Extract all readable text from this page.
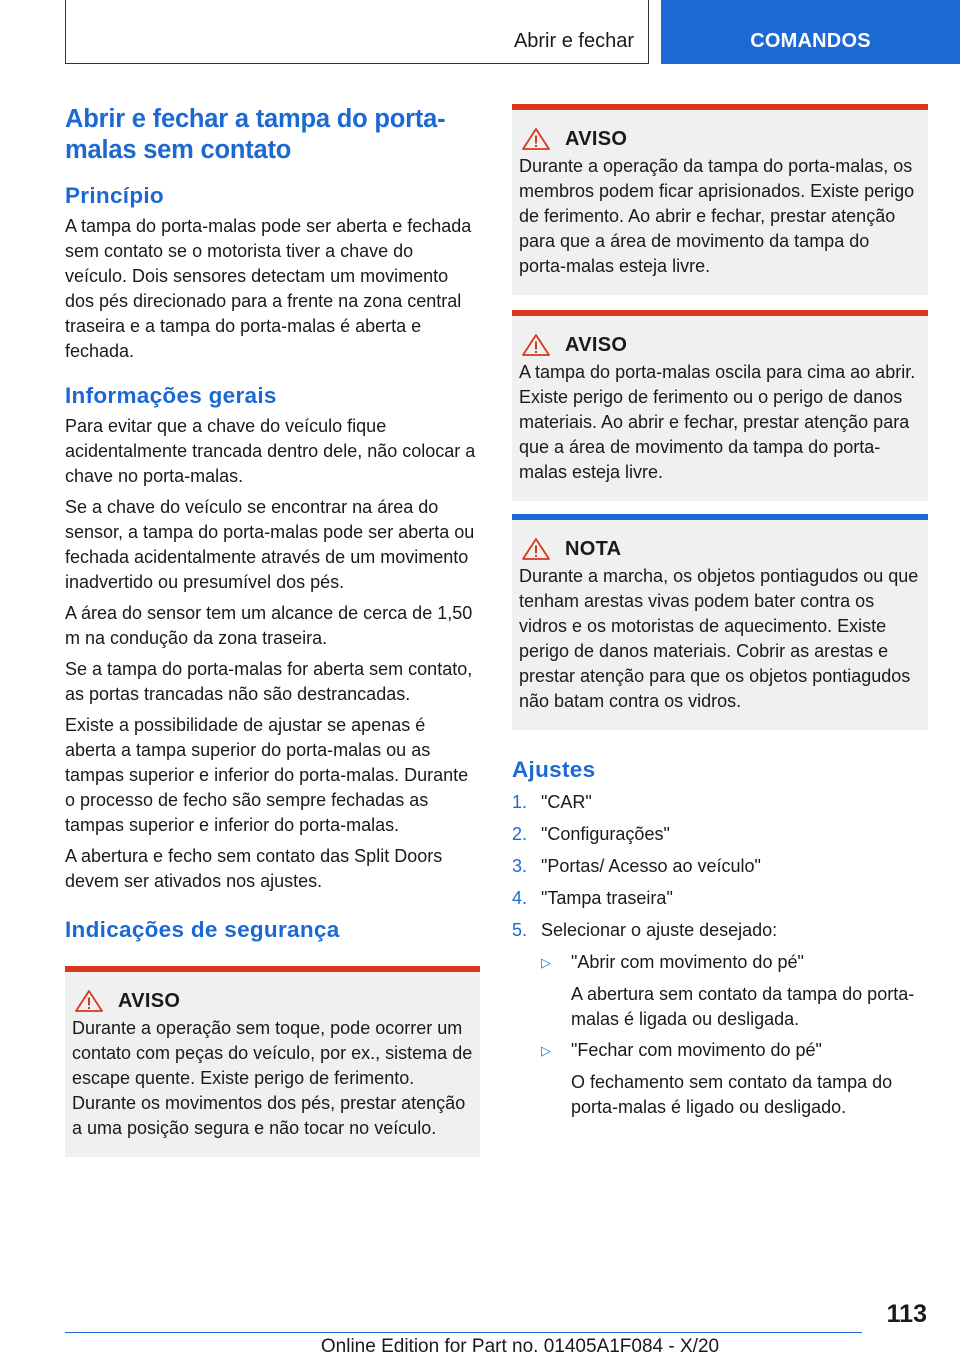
Abrir e fechar	COMANDOS
Abrir e fechar a tampa do porta-malas sem contato
Princípio

A tampa do porta-malas pode ser aberta e fechada sem contato se o motorista tiver a chave do veículo. Dois sensores detectam um movimento dos pés direcionado para a frente na zona central traseira e a tampa do porta-malas é aberta e fechada.

Informações gerais

Para evitar que a chave do veículo fique acidentalmente trancada dentro dele, não colocar a chave no porta-malas.

Se a chave do veículo se encontrar na área do sensor, a tampa do porta-malas pode ser aberta ou fechada acidentalmente através de um movimento inadvertido ou presumível dos pés.

A área do sensor tem um alcance de cerca de 1,50 m na condução da zona traseira.

Se a tampa do porta-malas for aberta sem contato, as portas trancadas não são destrancadas.

Existe a possibilidade de ajustar se apenas é aberta a tampa superior do porta-malas ou as tampas superior e inferior do porta-malas. Durante o processo de fecho são sempre fechadas as tampas superior e inferior do porta-malas.

A abertura e fecho sem contato das Split Doors devem ser ativados nos ajustes.

Indicações de segurança
AVISO

Durante a operação sem toque, pode ocorrer um contato com peças do veículo, por ex., sistema de escape quente. Existe perigo de ferimento. Durante os movimentos dos pés, prestar atenção a uma posição segura e não tocar no veículo.

AVISO

Durante a operação da tampa do porta-malas, os membros podem ficar aprisionados. Existe perigo de ferimento. Ao abrir e fechar, prestar atenção para que a área de movimento da tampa do porta-malas esteja livre.

AVISO

A tampa do porta-malas oscila para cima ao abrir. Existe perigo de ferimento ou o perigo de danos materiais. Ao abrir e fechar, prestar atenção para que a área de movimento da tampa do porta-malas esteja livre.

NOTA

Durante a marcha, os objetos pontiagudos ou que tenham arestas vivas podem bater contra os vidros e os motoristas de aquecimento. Existe perigo de danos materiais. Cobrir as arestas e prestar atenção para que os objetos pontiagudos não batam contra os vidros.

Ajustes
1. "CAR"
2. "Configurações"
3. "Portas/ Acesso ao veículo"
4. "Tampa traseira"
5. Selecionar o ajuste desejado:
▷	"Abrir com movimento do pé"

A abertura sem contato da tampa do porta-malas é ligada ou desligada.

▷	"Fechar com movimento do pé"

O fechamento sem contato da tampa do porta-malas é ligado ou desligado.

113
Online Edition for Part no. 01405A1F084 - X/20
